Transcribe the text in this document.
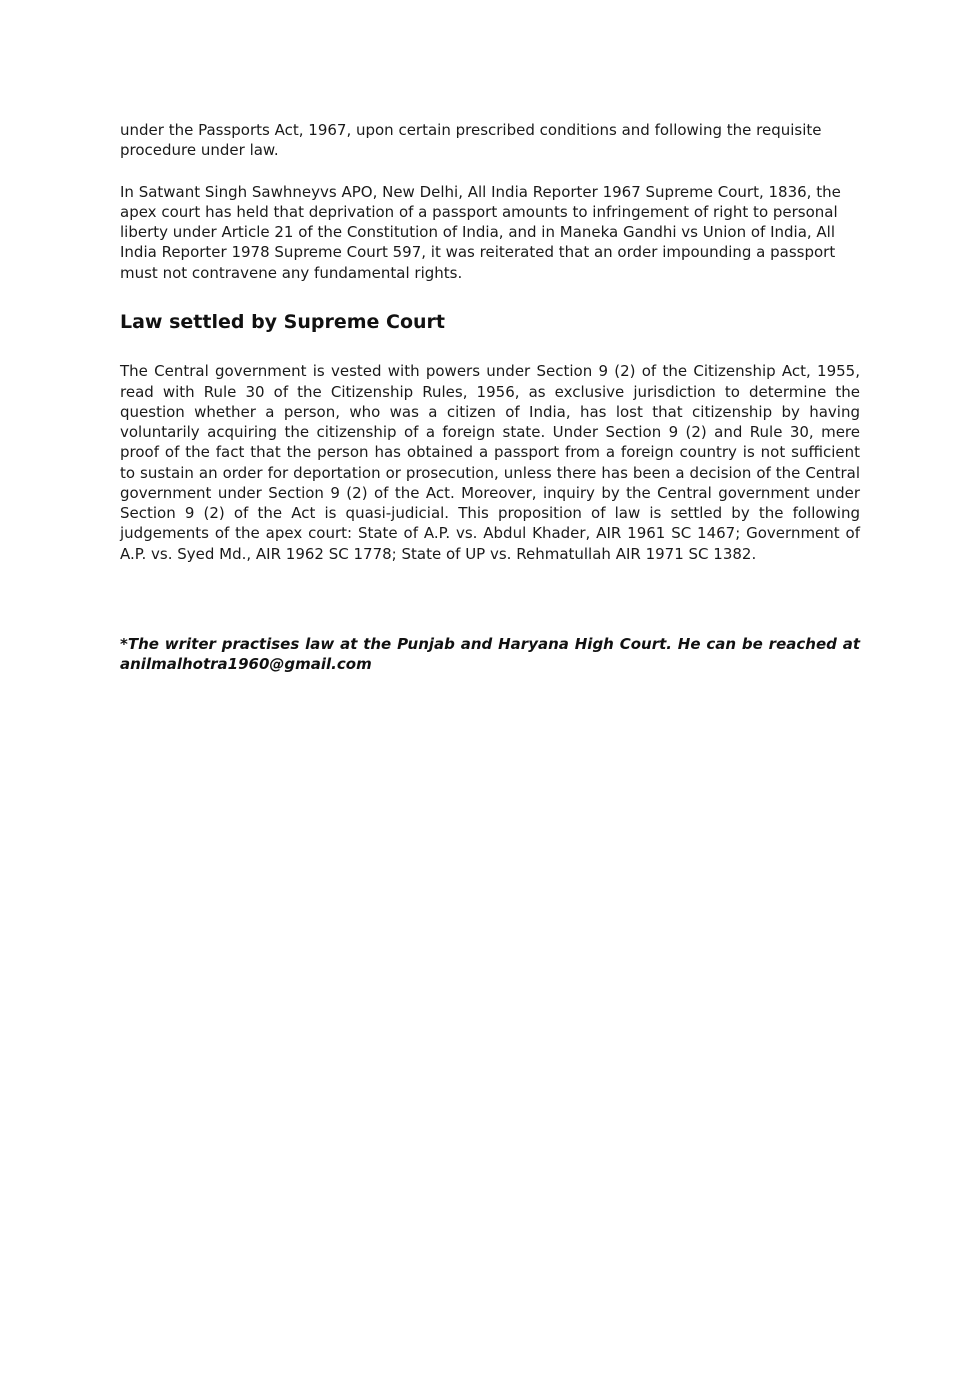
under the Passports Act, 1967, upon certain prescribed conditions and following the requisite procedure under law.

In Satwant Singh Sawhneyvs APO, New Delhi, All India Reporter 1967 Supreme Court, 1836, the apex court has held that deprivation of a passport amounts to infringement of right to personal liberty under Article 21 of the Constitution of India, and in Maneka Gandhi vs Union of India, All India Reporter 1978 Supreme Court 597, it was reiterated that an order impounding a passport must not contravene any fundamental rights.

Law settled by Supreme Court

The Central government is vested with powers under Section 9 (2) of the Citizenship Act, 1955, read with Rule 30 of the Citizenship Rules, 1956, as exclusive jurisdiction to determine the question whether a person, who was a citizen of India, has lost that citizenship by having voluntarily acquiring the citizenship of a foreign state. Under Section 9 (2) and Rule 30, mere proof of the fact that the person has obtained a passport from a foreign country is not sufficient to sustain an order for deportation or prosecution, unless there has been a decision of the Central government under Section 9 (2) of the Act. Moreover, inquiry by the Central government under Section 9 (2) of the Act is quasi-judicial. This proposition of law is settled by the following judgements of the apex court: State of A.P. vs. Abdul Khader, AIR 1961 SC 1467; Government of A.P. vs. Syed Md., AIR 1962 SC 1778; State of UP vs. Rehmatullah AIR 1971 SC 1382.

*The writer practises law at the Punjab and Haryana High Court. He can be reached at anilmalhotra1960@gmail.com
